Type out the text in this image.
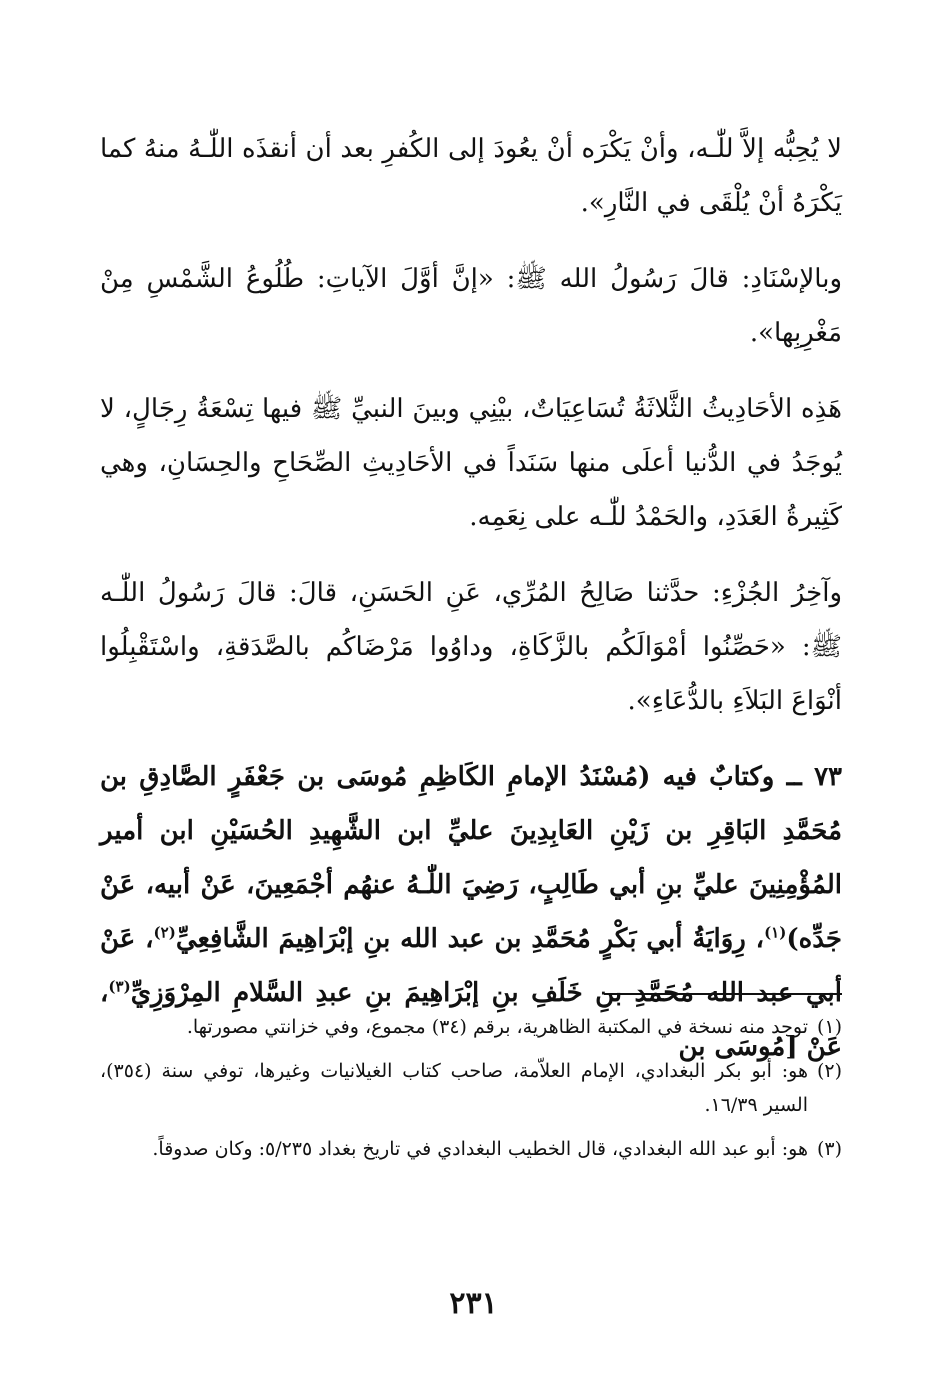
لا يُحِبُّه إلاَّ للّٰـه، وأنْ يَكْرَه أنْ يعُودَ إلى الكُفرِ بعد أن أنقذَه اللّٰـهُ منهُ كما يَكْرَهُ أنْ يُلْقَى في النَّارِ».

وبالإسْنَادِ: قالَ رَسُولُ الله ﷺ: «إنَّ أوَّلَ الآياتِ: طُلُوعُ الشَّمْسِ مِنْ مَغْرِبِها».

هَذِه الأحَادِيثُ الثَّلاثَةُ تُسَاعِيَاتٌ، بيْنِي وبينَ النبيِّ ﷺ فيها تِسْعَةُ رِجَالٍ، لا يُوجَدُ في الدُّنيا أعلَى منها سَنَداً في الأحَادِيثِ الصِّحَاحِ والحِسَانِ، وهي كَثِيرةُ العَدَدِ، والحَمْدُ للّٰـه على نِعَمِه.

وآخِرُ الجُزْءِ: حدَّثنا صَالِحُ المُرِّي، عَنِ الحَسَنِ، قالَ: قالَ رَسُولُ اللّٰـه ﷺ: «حَصِّنُوا أمْوَالَكُم بالزَّكَاةِ، وداوُوا مَرْضَاكُم بالصَّدَقةِ، واسْتَقْبِلُوا أنْوَاعَ البَلاَءِ بالدُّعَاءِ».

٧٣ ــ وكتابٌ فيه (مُسْنَدُ الإمامِ الكَاظِمِ مُوسَى بن جَعْفَرٍ الصَّادِقِ بن مُحَمَّدِ البَاقِرِ بن زَيْنِ العَابِدِينَ عليِّ ابن الشَّهِيدِ الحُسَيْنِ ابن أمير المُؤْمِنِينَ عليِّ بنِ أبي طَالِبٍ، رَضِيَ اللّٰـهُ عنهُم أجْمَعِينَ، عَنْ أبيه، عَنْ جَدِّه)$^{(١)}$، رِوَايَةُ أبي بَكْرٍ مُحَمَّدِ بن عبد الله بنِ إبْرَاهِيمَ الشَّافِعِيِّ$^{(٢)}$، عَنْ أبي عبد الله مُحَمَّدِ بنِ خَلَفِ بنِ إبْرَاهِيمَ بنِ عبدِ السَّلامِ المِرْوَزِيِّ$^{(٣)}$، عَنْ [مُوسَى بن

(١)
توجد منه نسخة في المكتبة الظاهرية، برقم (٣٤) مجموع، وفي خزانتي مصورتها.

(٢)
هو: أبو بكر البغدادي، الإمام العلاّمة، صاحب كتاب الغيلانيات وغيرها، توفي سنة (٣٥٤)، السير ١٦/٣٩.

(٣)
هو: أبو عبد الله البغدادي، قال الخطيب البغدادي في تاريخ بغداد ٥/٢٣٥: وكان صدوقاً.

٢٣١
